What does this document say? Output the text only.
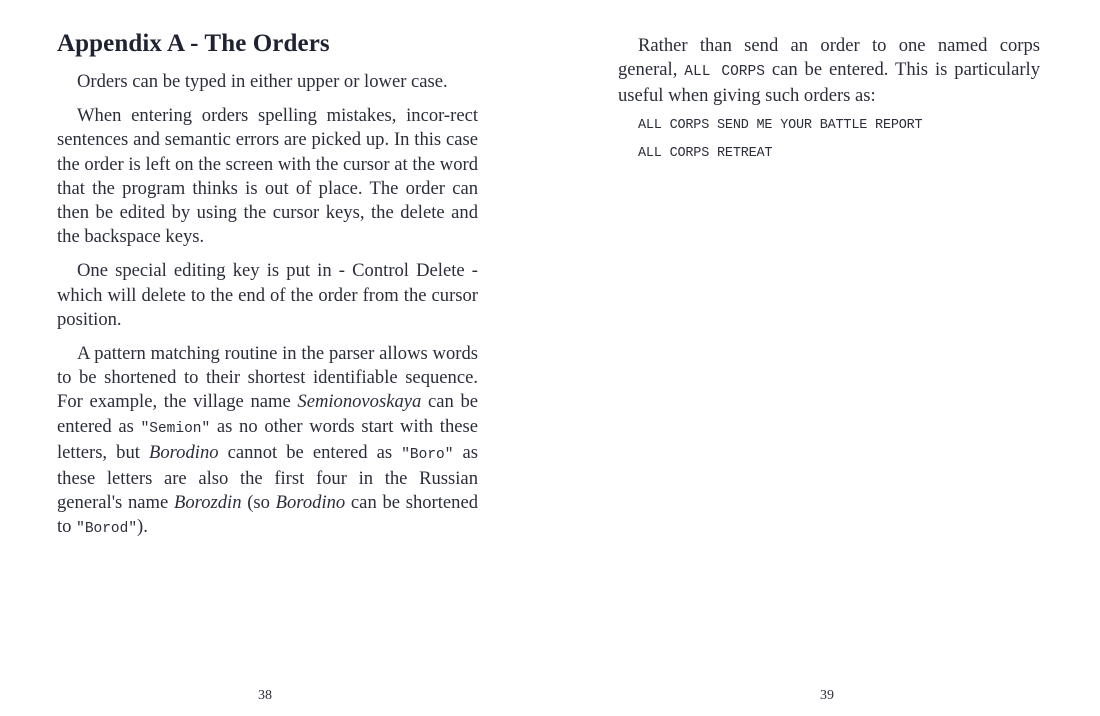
Appendix A - The Orders

Orders can be typed in either upper or lower case.

When entering orders spelling mistakes, incor-rect sentences and semantic errors are picked up. In this case the order is left on the screen with the cursor at the word that the program thinks is out of place. The order can then be edited by using the cursor keys, the delete and the backspace keys.

One special editing key is put in - Control Delete - which will delete to the end of the order from the cursor position.

A pattern matching routine in the parser allows words to be shortened to their shortest identifiable sequence. For example, the village name Semionovoskaya can be entered as "Semion" as no other words start with these letters, but Borodino cannot be entered as "Boro" as these letters are also the first four in the Russian general's name Borozdin (so Borodino can be shortened to "Borod").

38

Rather than send an order to one named corps general, ALL CORPS can be entered. This is particularly useful when giving such orders as:

ALL CORPS SEND ME YOUR BATTLE REPORT
ALL CORPS RETREAT
39
